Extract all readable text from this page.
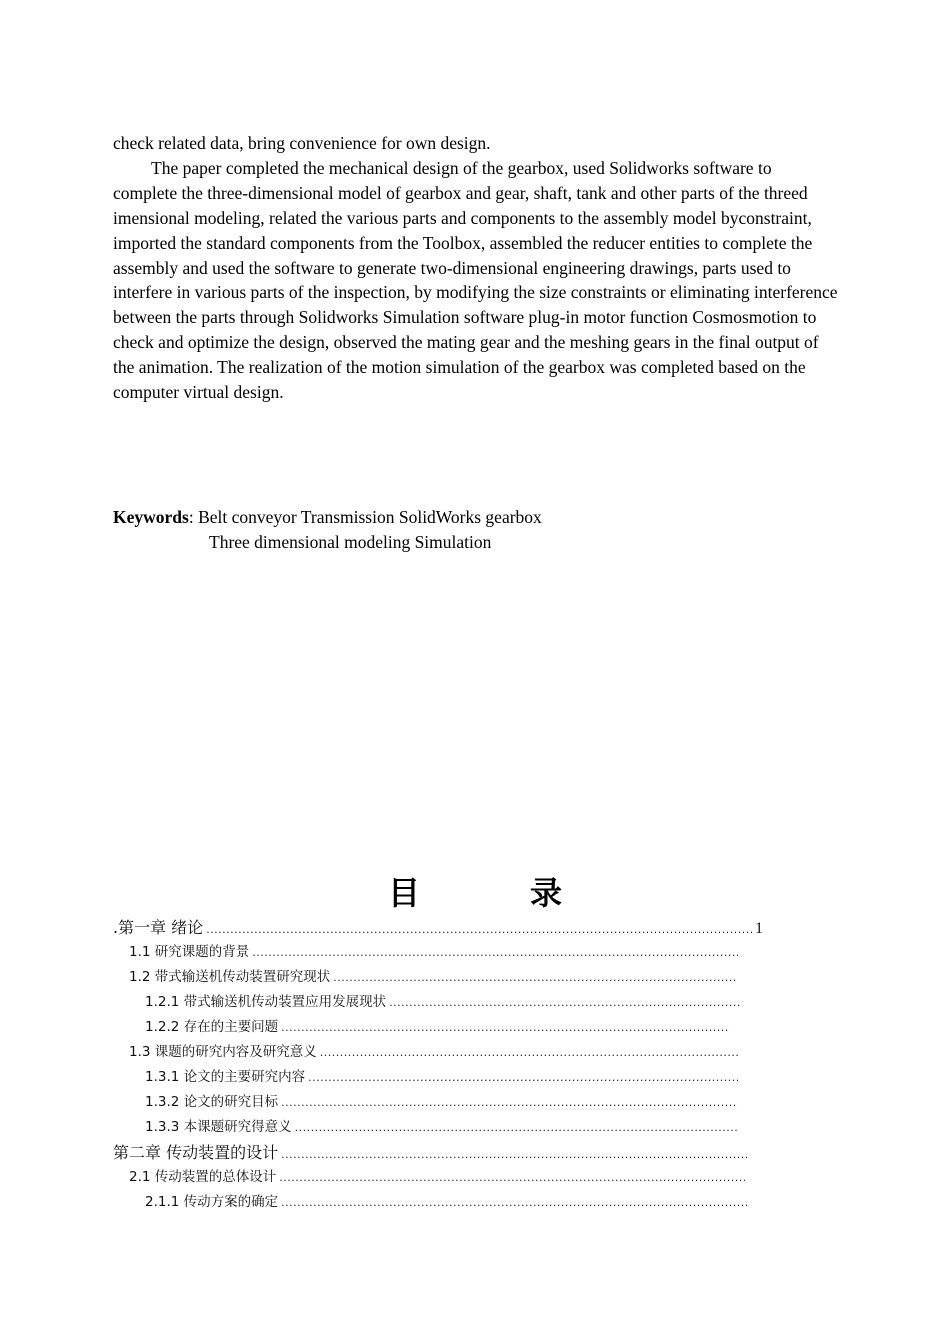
check related data, bring convenience for own design.

The paper completed the mechanical design of the gearbox, used Solidworks software to complete the three-dimensional model of gearbox and gear, shaft, tank and other parts of the threed imensional modeling, related the various parts and components to the assembly model byconstraint, imported the standard components from the Toolbox, assembled the reducer entities to complete the assembly and used the software to generate two-dimensional engineering drawings, parts used to interfere in various parts of the inspection, by modifying the size constraints or eliminating interference between the parts through Solidworks Simulation software plug-in motor function Cosmosmotion to check and optimize the design, observed the mating gear and the meshing gears in the final output of the animation. The realization of the motion simulation of the gearbox was completed based on the computer virtual design.

Keywords: Belt conveyor Transmission SolidWorks gearbox
Three dimensional modeling Simulation
目	录
.第一章 绪论 .....	1
1.1 研究课题的背景
.....
1.2 带式输送机传动装置研究现状
.....
1.2.1 带式输送机传动装置应用发展现状
.....
1.2.2 存在的主要问题
.....
1.3 课题的研究内容及研究意义
.....
1.3.1 论文的主要研究内容
.....
1.3.2 论文的研究目标
.....
1.3.3 本课题研究得意义
.....
第二章 传动装置的设计
.....
2.1 传动装置的总体设计
.....
2.1.1 传动方案的确定
.....
